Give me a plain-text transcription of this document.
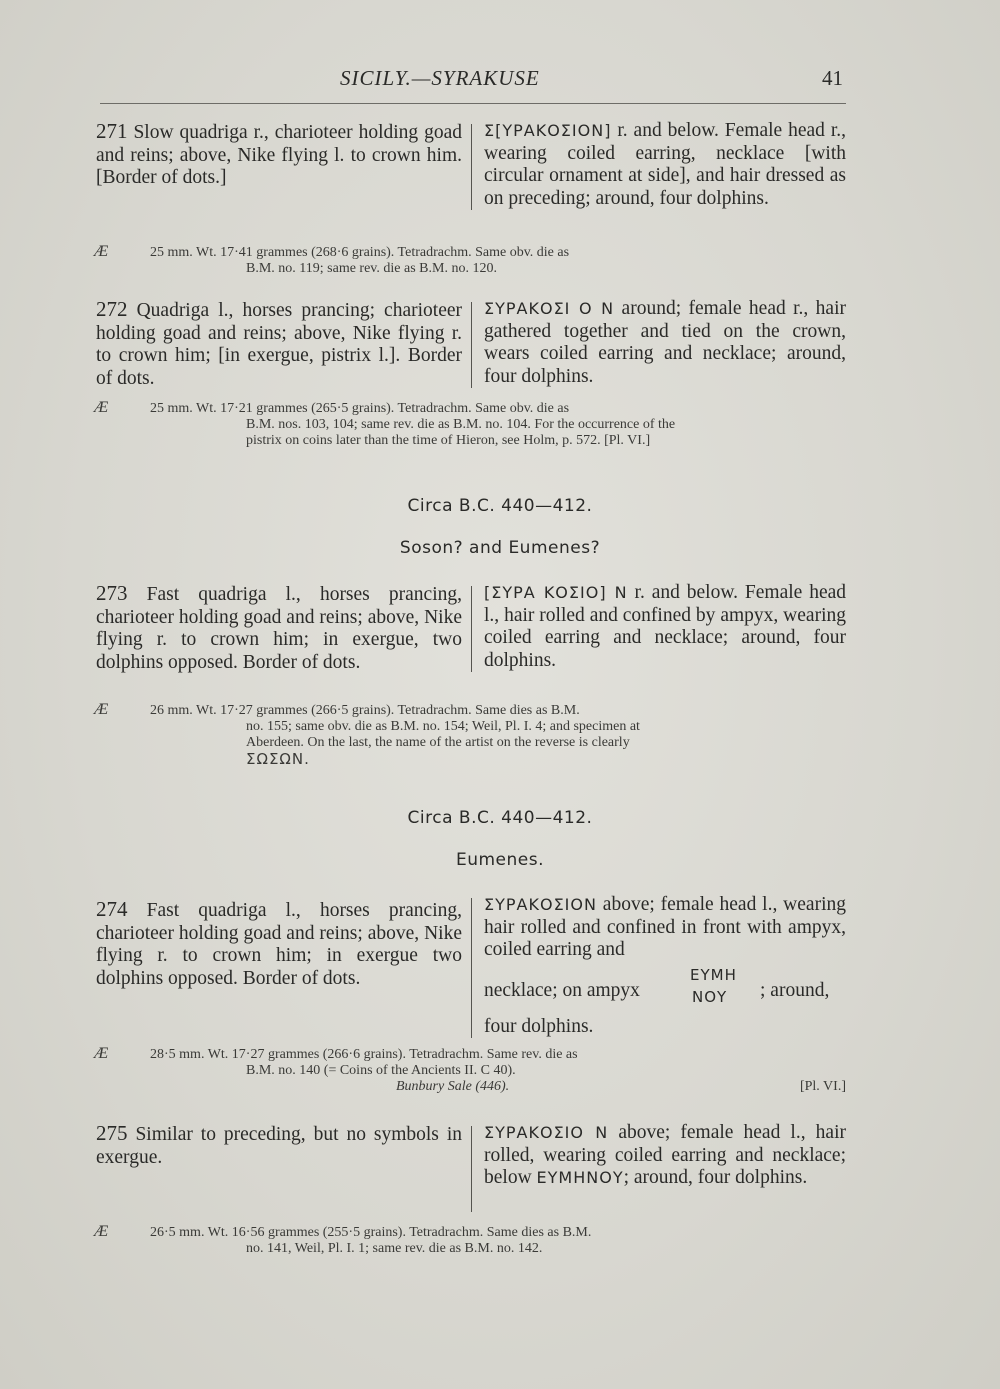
SICILY.—SYRAKUSE	41
271 Slow quadriga r., charioteer holding goad and reins; above, Nike flying l. to crown him. [Border of dots.]
Σ[ΥΡΑΚΟΣΙΟΝ] r. and below. Female head r., wearing coiled earring, necklace [with circular ornament at side], and hair dressed as on preceding; around, four dolphins.
Æ	25 mm. Wt. 17·41 grammes (268·6 grains). Tetradrachm. Same obv. die as
B.M. no. 119; same rev. die as B.M. no. 120.
272 Quadriga l., horses prancing; charioteer holding goad and reins; above, Nike flying r. to crown him; [in exergue, pistrix l.]. Border of dots.
ΣΥΡΑΚΟΣΙ Ο Ν around; female head r., hair gathered together and tied on the crown, wears coiled earring and necklace; around, four dolphins.
Æ	25 mm. Wt. 17·21 grammes (265·5 grains). Tetradrachm. Same obv. die as
B.M. nos. 103, 104; same rev. die as B.M. no. 104. For the occurrence of the
pistrix on coins later than the time of Hieron, see Holm, p. 572. [Pl. VI.]
Circa B.C. 440—412.
Soson? and Eumenes?
273 Fast quadriga l., horses prancing, charioteer holding goad and reins; above, Nike flying r. to crown him; in exergue, two dolphins opposed. Border of dots.
[ΣΥΡΑ ΚΟΣΙΟ] Ν r. and below. Female head l., hair rolled and confined by ampyx, wearing coiled earring and necklace; around, four dolphins.
Æ	26 mm. Wt. 17·27 grammes (266·5 grains). Tetradrachm. Same dies as B.M.
no. 155; same obv. die as B.M. no. 154; Weil, Pl. I. 4; and specimen at
Aberdeen. On the last, the name of the artist on the reverse is clearly
ΣΩΣΩΝ.
Circa B.C. 440—412.
Eumenes.
274 Fast quadriga l., horses prancing, charioteer holding goad and reins; above, Nike flying r. to crown him; in exergue two dolphins opposed. Border of dots.
ΣΥΡΑΚΟΣΙΟΝ above; female head l., wearing hair rolled and confined in front with ampyx, coiled earring and
necklace; on ampyx
ΕΥΜΗ
ΝΟΥ ; around,
four dolphins.
Æ	28·5 mm. Wt. 17·27 grammes (266·6 grains). Tetradrachm. Same rev. die as
B.M. no. 140 (= Coins of the Ancients II. C 40).
Bunbury Sale (446).	[Pl. VI.]
275 Similar to preceding, but no symbols in exergue.
ΣΥΡΑΚΟΣΙΟ Ν above; female head l., hair rolled, wearing coiled earring and necklace; below ΕΥΜΗΝΟΥ; around, four dolphins.
Æ	26·5 mm. Wt. 16·56 grammes (255·5 grains). Tetradrachm. Same dies as B.M.
no. 141, Weil, Pl. I. 1; same rev. die as B.M. no. 142.
